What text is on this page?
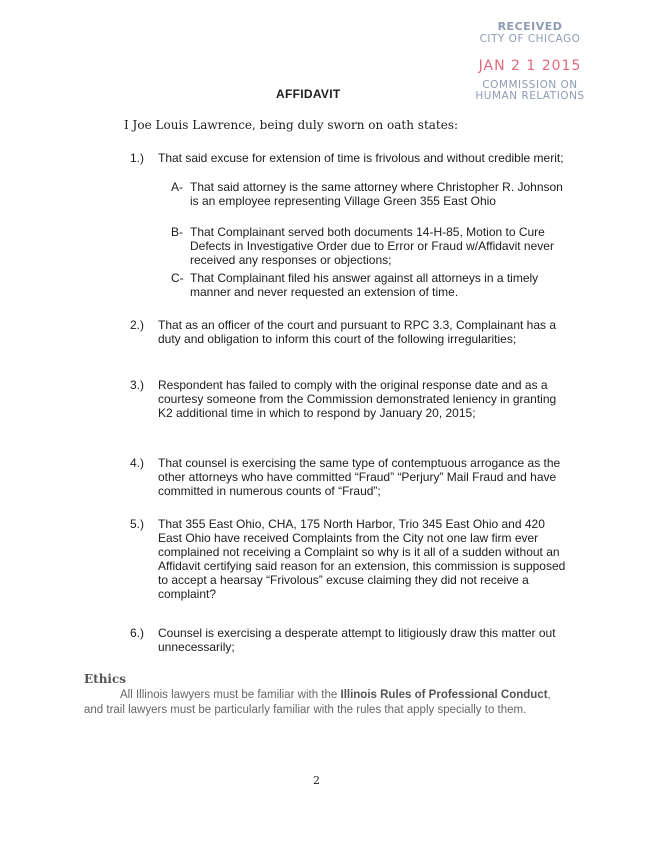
RECEIVED
CITY OF CHICAGO
JAN 2 1 2015
COMMISSION ON
HUMAN RELATIONS
AFFIDAVIT
I Joe Louis Lawrence, being duly sworn on oath states:
1.) That said excuse for extension of time is frivolous and without credible merit;
A- That said attorney is the same attorney where Christopher R. Johnson is an employee representing Village Green 355 East Ohio
B- That Complainant served both documents 14-H-85, Motion to Cure Defects in Investigative Order due to Error or Fraud w/Affidavit never received any responses or objections;
C- That Complainant filed his answer against all attorneys in a timely manner and never requested an extension of time.
2.) That as an officer of the court and pursuant to RPC 3.3, Complainant has a duty and obligation to inform this court of the following irregularities;
3.) Respondent has failed to comply with the original response date and as a courtesy someone from the Commission demonstrated leniency in granting K2 additional time in which to respond by January 20, 2015;
4.) That counsel is exercising the same type of contemptuous arrogance as the other attorneys who have committed “Fraud” “Perjury” Mail Fraud and have committed in numerous counts of “Fraud”;
5.) That 355 East Ohio, CHA, 175 North Harbor, Trio 345 East Ohio and 420 East Ohio have received Complaints from the City not one law firm ever complained not receiving a Complaint so why is it all of a sudden without an Affidavit certifying said reason for an extension, this commission is supposed to accept a hearsay “Frivolous” excuse claiming they did not receive a complaint?
6.) Counsel is exercising a desperate attempt to litigiously draw this matter out unnecessarily;
Ethics
All Illinois lawyers must be familiar with the Illinois Rules of Professional Conduct, and trail lawyers must be particularly familiar with the rules that apply specially to them.
2
